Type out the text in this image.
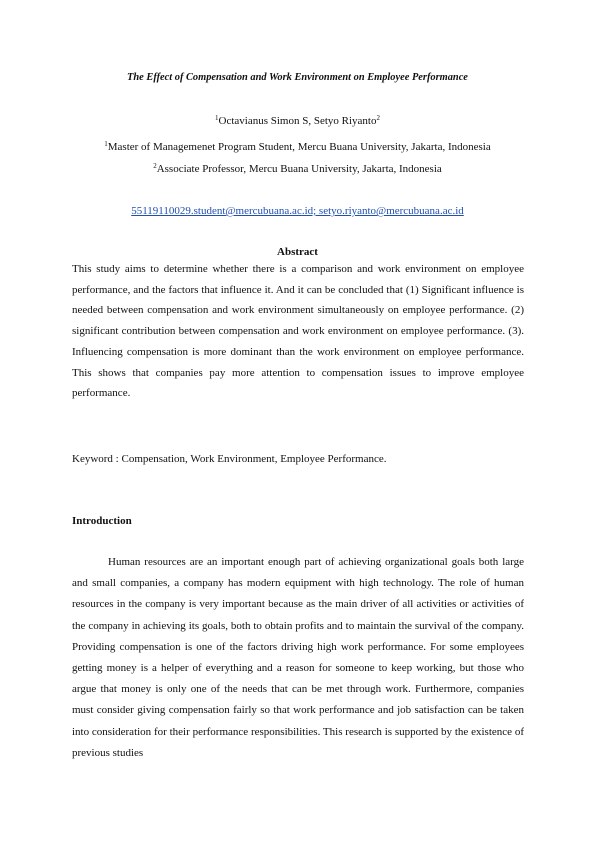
The Effect of Compensation and Work Environment on Employee Performance
$^1$Octavianus Simon S, Setyo Riyanto$^2$
$^1$Master of Managemenet Program Student, Mercu Buana University, Jakarta, Indonesia
$^2$Associate Professor, Mercu Buana University, Jakarta, Indonesia
55119110029.student@mercubuana.ac.id; setyo.riyanto@mercubuana.ac.id
Abstract
This study aims to determine whether there is a comparison and work environment on employee performance, and the factors that influence it. And it can be concluded that (1) Significant influence is needed between compensation and work environment simultaneously on employee performance. (2) significant contribution between compensation and work environment on employee performance. (3). Influencing compensation is more dominant than the work environment on employee performance. This shows that companies pay more attention to compensation issues to improve employee performance.
Keyword : Compensation, Work Environment, Employee Performance.
Introduction
Human resources are an important enough part of achieving organizational goals both large and small companies, a company has modern equipment with high technology. The role of human resources in the company is very important because as the main driver of all activities or activities of the company in achieving its goals, both to obtain profits and to maintain the survival of the company. Providing compensation is one of the factors driving high work performance. For some employees getting money is a helper of everything and a reason for someone to keep working, but those who argue that money is only one of the needs that can be met through work. Furthermore, companies must consider giving compensation fairly so that work performance and job satisfaction can be taken into consideration for their performance responsibilities. This research is supported by the existence of previous studies
